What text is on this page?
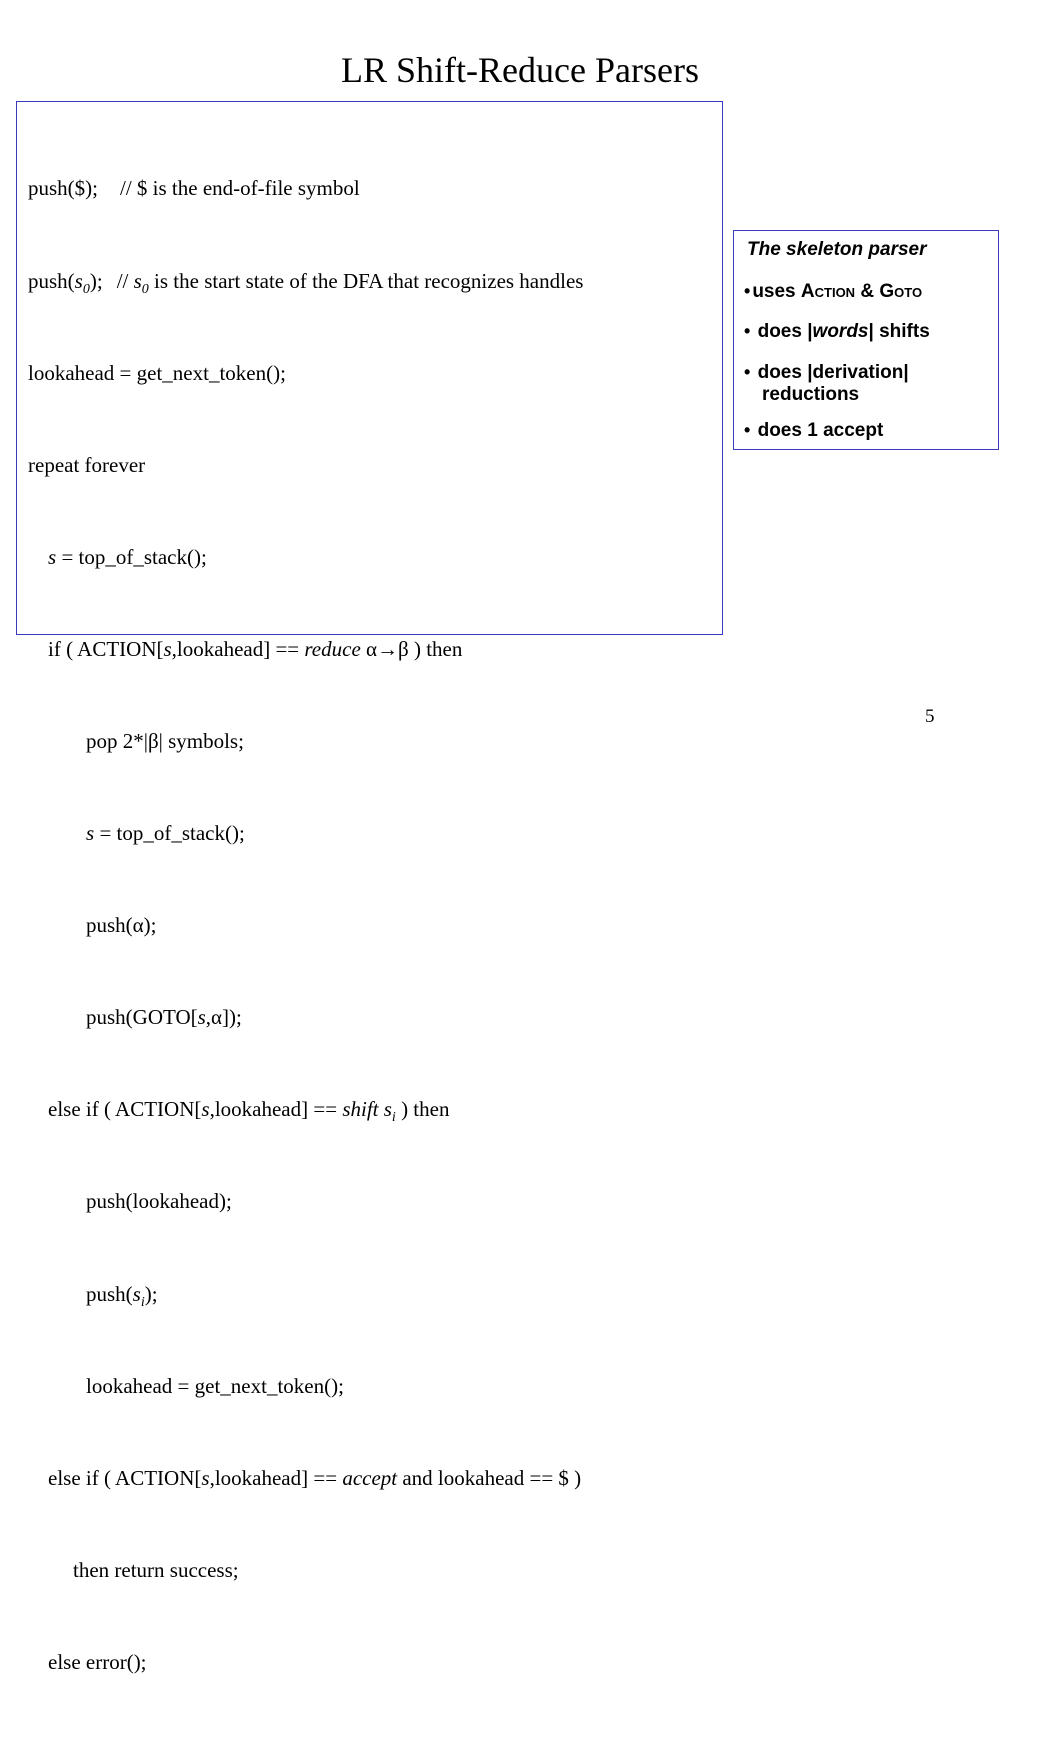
LR Shift-Reduce Parsers

push($); // $ is the end-of-file symbol

$push(s_0)$; // $s_0$ is the start state of the DFA that recognizes handles

lookahead = get_next_token();

repeat forever

s = top_of_stack();

if ( ACTION[s,lookahead] == reduce α→β ) then

pop 2*|β| symbols;

s = top_of_stack();

push(α);

push(GOTO[s,α]);

else if ( ACTION[s,lookahead] == shift $s_i$ ) then

push(lookahead);

$push(s_i)$;

lookahead = get_next_token();

else if ( ACTION[s,lookahead] == accept and lookahead == $ )

then return success;

else error();

The skeleton parser
• uses Action & Goto
• does |words| shifts
• does |derivation|
reductions
• does 1 accept
5
